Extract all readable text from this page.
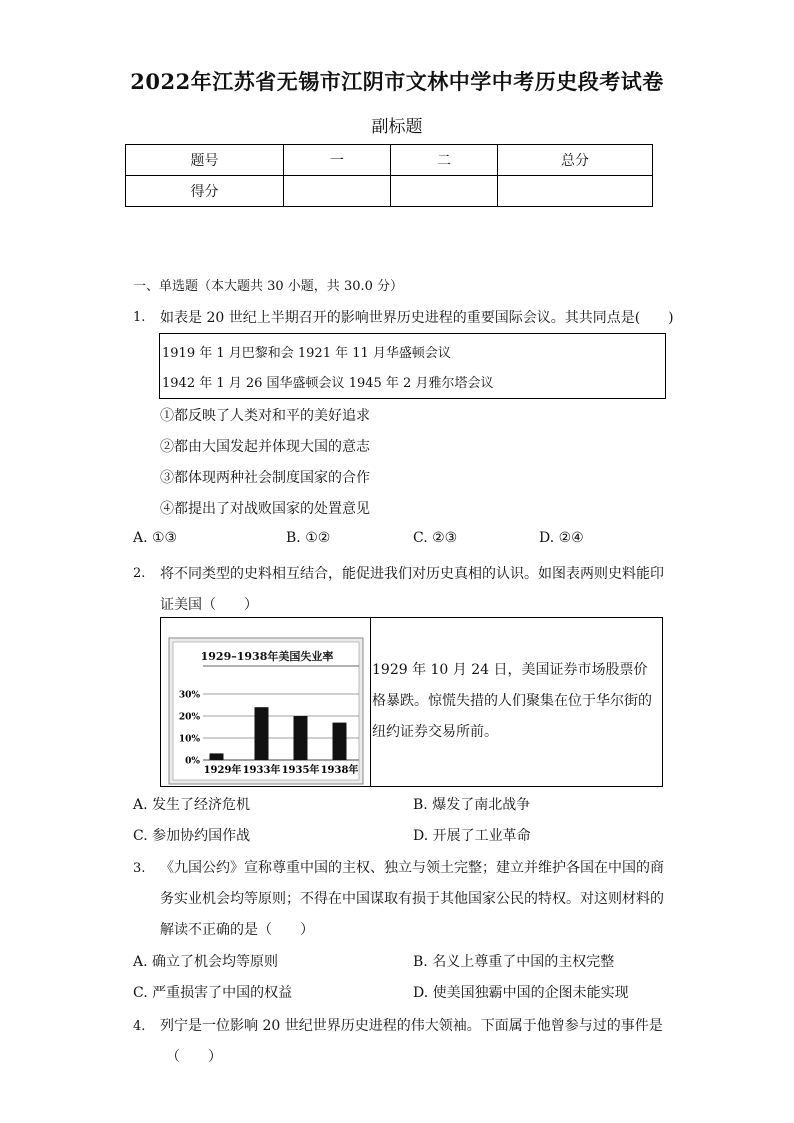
2022年江苏省无锡市江阴市文林中学中考历史段考试卷
副标题
题号	一	二	总分
得分			
一、单选题（本大题共 30 小题，共 30.0 分）
1. 如表是 20 世纪上半期召开的影响世界历史进程的重要国际会议。其共同点是(　　)
1919 年 1 月巴黎和会 1921 年 11 月华盛顿会议
1942 年 1 月 26 国华盛顿会议 1945 年 2 月雅尔塔会议
①都反映了人类对和平的美好追求
②都由大国发起并体现大国的意志
③都体现两种社会制度国家的合作
④都提出了对战败国家的处置意见
A. ①③	B. ①②	C. ②③	D. ②④
2. 将不同类型的史料相互结合，能促进我们对历史真相的认识。如图表两则史料能印
证美国（　　）
1929–1938年美国失业率
0%
10%
20%
30%
1929年 1933年 1935年 1938年
1929 年 10 月 24 日，美国证券市场股票价格暴跌。惊慌失措的人们聚集在位于华尔街的纽约证券交易所前。
A. 发生了经济危机	B. 爆发了南北战争
C. 参加协约国作战	D. 开展了工业革命
3. 《九国公约》宣称尊重中国的主权、独立与领土完整；建立并维护各国在中国的商
务实业机会均等原则；不得在中国谋取有损于其他国家公民的特权。对这则材料的
解读不正确的是（　　）
A. 确立了机会均等原则	B. 名义上尊重了中国的主权完整
C. 严重损害了中国的权益	D. 使美国独霸中国的企图未能实现
4. 列宁是一位影响 20 世纪世界历史进程的伟大领袖。下面属于他曾参与过的事件是
（　　）
